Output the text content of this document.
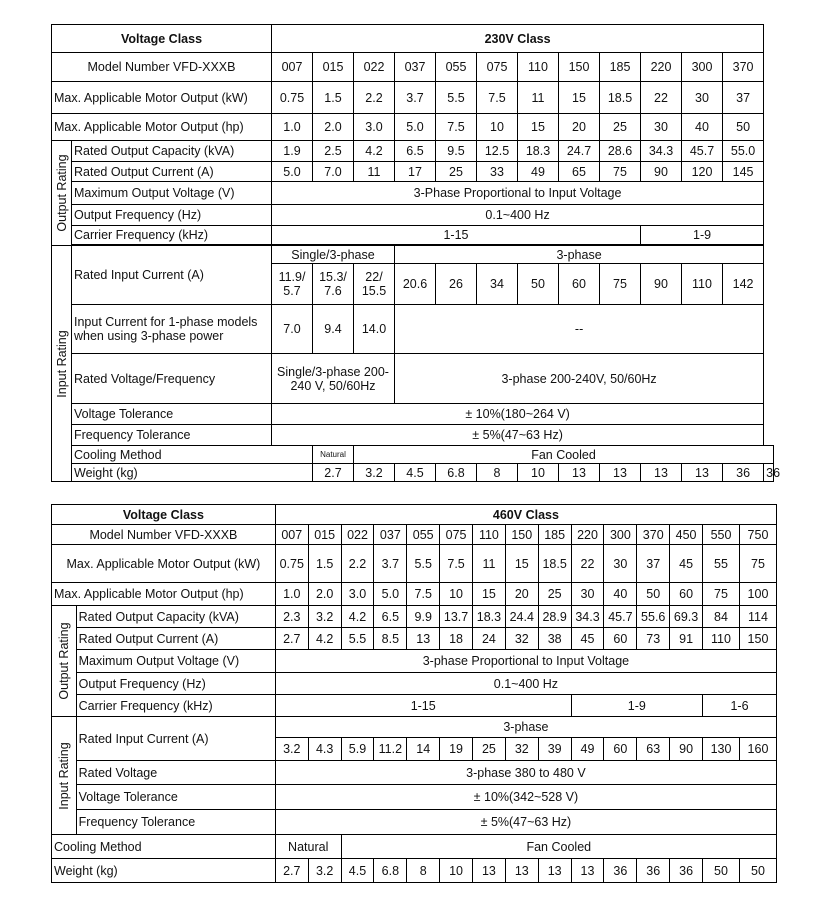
Voltage Class		230V Class												
Model Number VFD-XXXB		007	015	022	037	055	075	110	150	185	220	300	370	
Max. Applicable Motor Output (kW)		0.75	1.5	2.2	3.7	5.5	7.5	11	15	18.5	22	30	37	
Max. Applicable Motor Output (hp)		1.0	2.0	3.0	5.0	7.5	10	15	20	25	30	40	50	

Output Rating	Rated Output Capacity (kVA)	1.9	2.5	4.2	6.5	9.5	12.5	18.3	24.7	28.6	34.3	45.7	55.0	
	Rated Output Current (A)	5.0	7.0	11	17	25	33	49	65	75	90	120	145	
	Maximum Output Voltage (V)	3-Phase Proportional to Input Voltage												
	Output Frequency (Hz)	0.1~400 Hz												
	Carrier Frequency (kHz)	1-15									1-9			

Input Rating	Rated Input Current (A)	Single/3-phase			3-phase									
		11.9/ 5.7	15.3/ 7.6	22/ 15.5	20.6	26	34	50	60	75	90	110	142	
	Input Current for 1-phase models when using 3-phase power	7.0	9.4	14.0	--									
	Rated Voltage/Frequency	Single/3-phase 200-240 V, 50/60Hz			3-phase 200-240V, 50/60Hz									
	Voltage Tolerance	± 10%(180~264 V)												
	Frequency Tolerance	± 5%(47~63 Hz)												
	Cooling Method		Natural	Fan Cooled										
	Weight (kg)		2.7	3.2	4.5	6.8	8	10	13	13	13	13	36	36
Voltage Class		460V Class														
Model Number VFD-XXXB		007	015	022	037	055	075	110	150	185	220	300	370	450	550	750
Max. Applicable Motor Output (kW)		0.75	1.5	2.2	3.7	5.5	7.5	11	15	18.5	22	30	37	45	55	75
Max. Applicable Motor Output (hp)		1.0	2.0	3.0	5.0	7.5	10	15	20	25	30	40	50	60	75	100

Output Rating	Rated Output Capacity (kVA)	2.3	3.2	4.2	6.5	9.9	13.7	18.3	24.4	28.9	34.3	45.7	55.6	69.3	84	114
	Rated Output Current (A)	2.7	4.2	5.5	8.5	13	18	24	32	38	45	60	73	91	110	150
	Maximum Output Voltage (V)	3-phase Proportional to Input Voltage														
	Output Frequency (Hz)	0.1~400 Hz														
	Carrier Frequency (kHz)	1-15									1-9				1-6	

Input Rating	Rated Input Current (A)	3-phase														
		3.2	4.3	5.9	11.2	14	19	25	32	39	49	60	63	90	130	160
	Rated Voltage	3-phase 380 to 480 V														
	Voltage Tolerance	± 10%(342~528 V)														
	Frequency Tolerance	± 5%(47~63 Hz)														
Cooling Method		Natural		Fan Cooled												
Weight (kg)		2.7	3.2	4.5	6.8	8	10	13	13	13	13	36	36	36	50	50
